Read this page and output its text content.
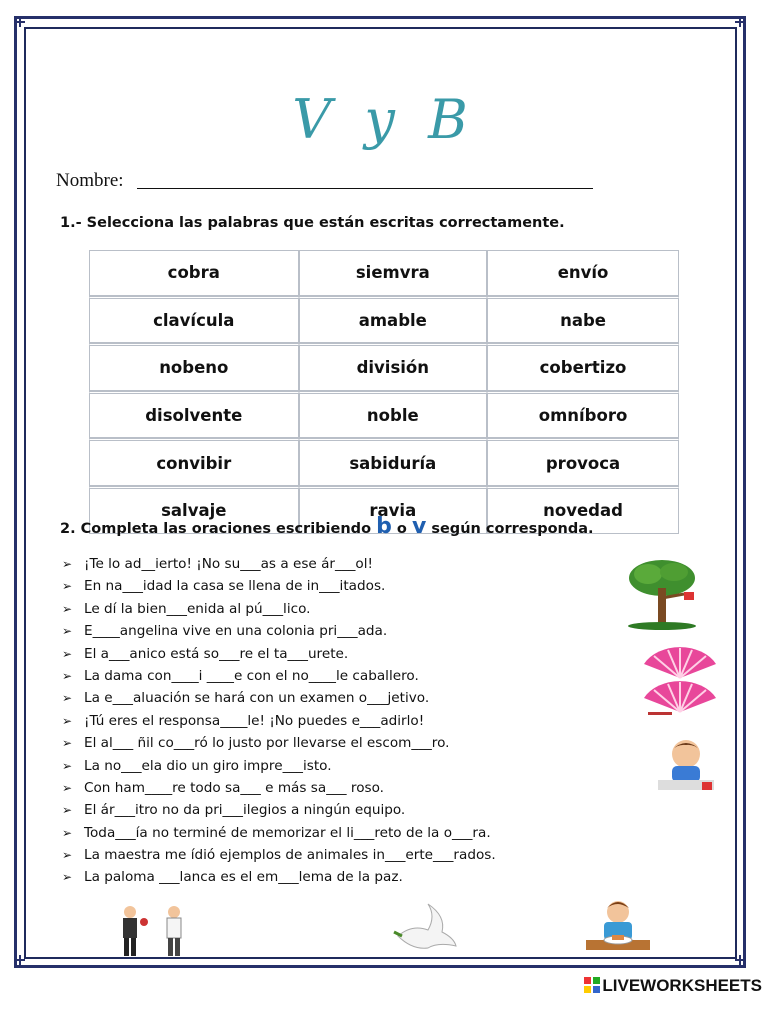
V y B
Nombre:
1.- Selecciona las palabras que están escritas correctamente.
cobra	siemvra	envío
clavícula	amable	nabe
nobeno	división	cobertizo
disolvente	noble	omníboro
convibir	sabiduría	provoca
salvaje	ravia	novedad
2. Completa las oraciones escribiendo b o v según corresponda.
➢ ¡Te lo ad__ierto! ¡No su___as a ese ár___ol!
➢ En na___idad la casa se llena de in___itados.
➢ Le dí la bien___enida al pú___lico.
➢ E____angelina vive en una colonia pri___ada.
➢ El a___anico está so___re el ta___urete.
➢ La dama con____i ____e con el no____le caballero.
➢ La e___aluación se hará con un examen o___jetivo.
➢ ¡Tú eres el responsa____le! ¡No puedes e___adirlo!
➢ El al___ ñil co___ró lo justo por llevarse el escom___ro.
➢ La no___ela dio un giro impre___isto.
➢ Con ham____re todo sa___ e más sa___ roso.
➢ El ár___itro no da pri___ilegios a ningún equipo.
➢ Toda___ía no terminé de memorizar el li___reto de la o___ra.
➢ La maestra me ídió ejemplos de animales in___erte___rados.
➢ La paloma ___lanca es el em___lema de la paz.
LIVEWORKSHEETS
